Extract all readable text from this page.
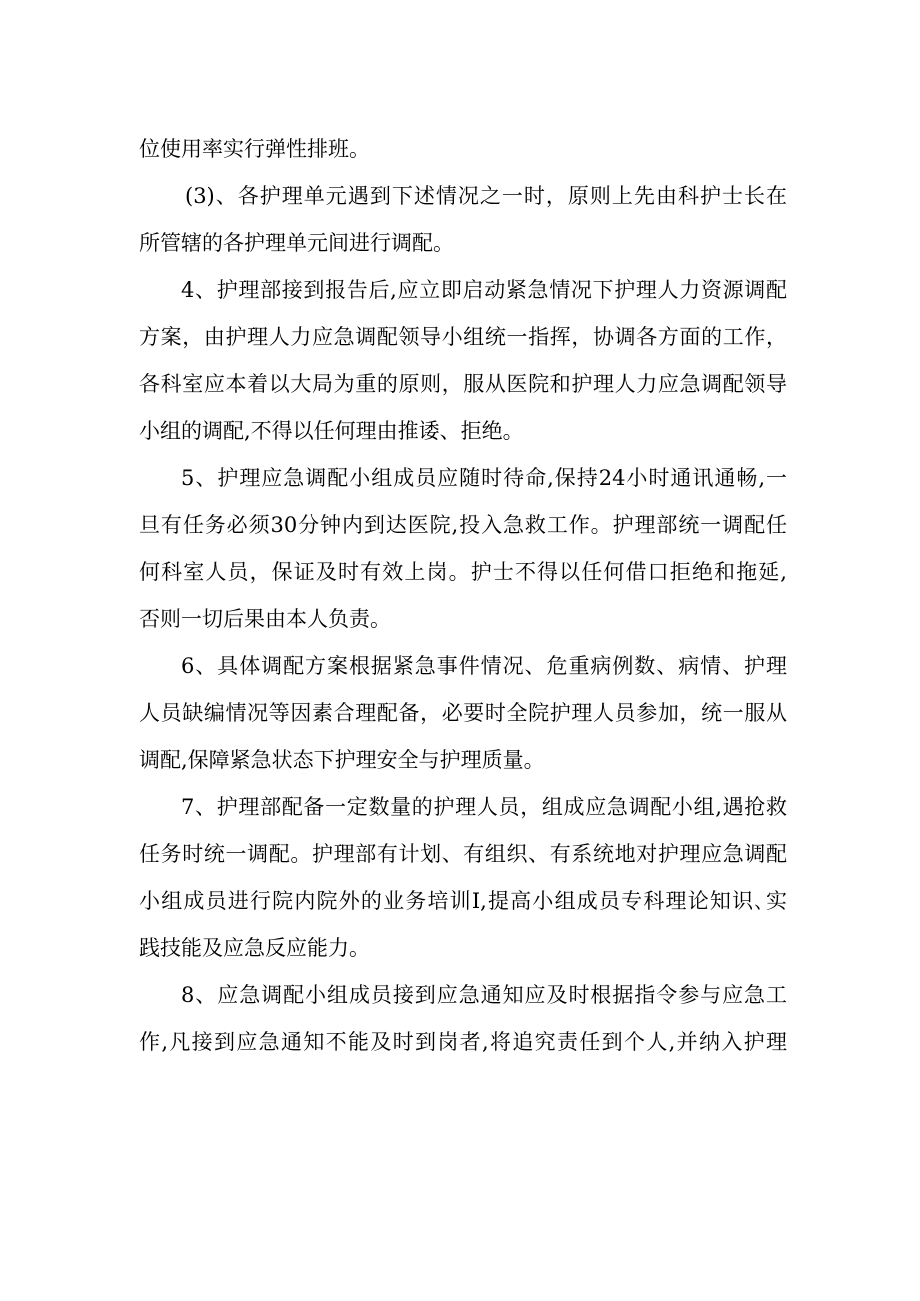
位使用率实行弹性排班。
(3)、各护理单元遇到下述情况之一时，原则上先由科护士长在
所管辖的各护理单元间进行调配。
4、护理部接到报告后,应立即启动紧急情况下护理人力资源调配
方案，由护理人力应急调配领导小组统一指挥，协调各方面的工作，
各科室应本着以大局为重的原则，服从医院和护理人力应急调配领导
小组的调配,不得以任何理由推诿、拒绝。
5、护理应急调配小组成员应随时待命,保持24小时通讯通畅,一
旦有任务必须30分钟内到达医院,投入急救工作。护理部统一调配任
何科室人员，保证及时有效上岗。护士不得以任何借口拒绝和拖延,
否则一切后果由本人负责。
6、具体调配方案根据紧急事件情况、危重病例数、病情、护理
人员缺编情况等因素合理配备，必要时全院护理人员参加，统一服从
调配,保障紧急状态下护理安全与护理质量。
7、护理部配备一定数量的护理人员，组成应急调配小组,遇抢救
任务时统一调配。护理部有计划、有组织、有系统地对护理应急调配
小组成员进行院内院外的业务培训I,提高小组成员专科理论知识､实
践技能及应急反应能力。
8、应急调配小组成员接到应急通知应及时根据指令参与应急工
作,凡接到应急通知不能及时到岗者,将追究责任到个人,并纳入护理
